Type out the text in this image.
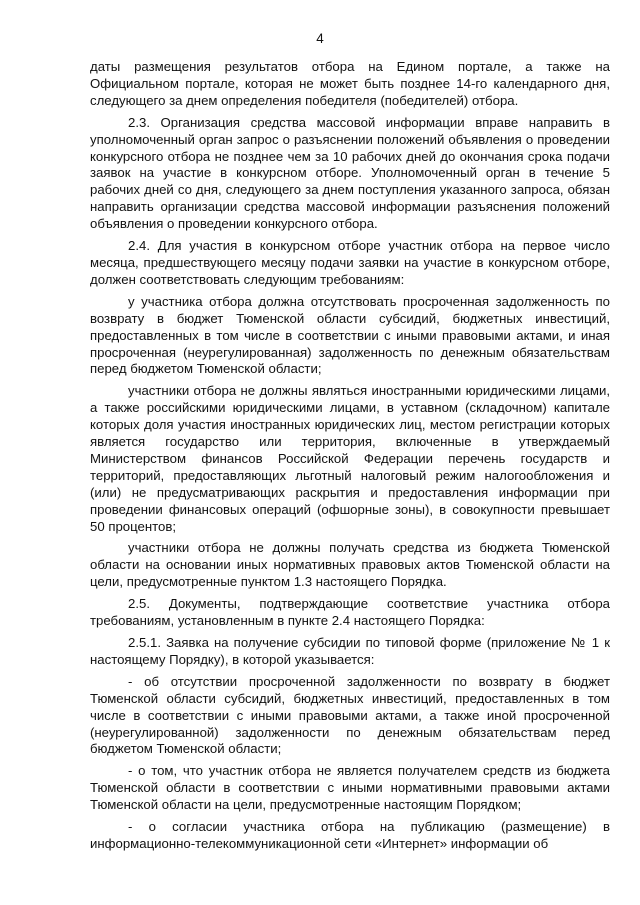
4

даты размещения результатов отбора на Едином портале, а также на Официальном портале, которая не может быть позднее 14-го календарного дня, следующего за днем определения победителя (победителей) отбора.

2.3. Организация средства массовой информации вправе направить в уполномоченный орган запрос о разъяснении положений объявления о проведении конкурсного отбора не позднее чем за 10 рабочих дней до окончания срока подачи заявок на участие в конкурсном отборе. Уполномоченный орган в течение 5 рабочих дней со дня, следующего за днем поступления указанного запроса, обязан направить организации средства массовой информации разъяснения положений объявления о проведении конкурсного отбора.

2.4. Для участия в конкурсном отборе участник отбора на первое число месяца, предшествующего месяцу подачи заявки на участие в конкурсном отборе, должен соответствовать следующим требованиям:

у участника отбора должна отсутствовать просроченная задолженность по возврату в бюджет Тюменской области субсидий, бюджетных инвестиций, предоставленных в том числе в соответствии с иными правовыми актами, и иная просроченная (неурегулированная) задолженность по денежным обязательствам перед бюджетом Тюменской области;

участники отбора не должны являться иностранными юридическими лицами, а также российскими юридическими лицами, в уставном (складочном) капитале которых доля участия иностранных юридических лиц, местом регистрации которых является государство или территория, включенные в утверждаемый Министерством финансов Российской Федерации перечень государств и территорий, предоставляющих льготный налоговый режим налогообложения и (или) не предусматривающих раскрытия и предоставления информации при проведении финансовых операций (офшорные зоны), в совокупности превышает 50 процентов;

участники отбора не должны получать средства из бюджета Тюменской области на основании иных нормативных правовых актов Тюменской области на цели, предусмотренные пунктом 1.3 настоящего Порядка.

2.5. Документы, подтверждающие соответствие участника отбора требованиям, установленным в пункте 2.4 настоящего Порядка:

2.5.1. Заявка на получение субсидии по типовой форме (приложение № 1 к настоящему Порядку), в которой указывается:

- об отсутствии просроченной задолженности по возврату в бюджет Тюменской области субсидий, бюджетных инвестиций, предоставленных в том числе в соответствии с иными правовыми актами, а также иной просроченной (неурегулированной) задолженности по денежным обязательствам перед бюджетом Тюменской области;

- о том, что участник отбора не является получателем средств из бюджета Тюменской области в соответствии с иными нормативными правовыми актами Тюменской области на цели, предусмотренные настоящим Порядком;

- о согласии участника отбора на публикацию (размещение) в информационно-телекоммуникационной сети «Интернет» информации об
